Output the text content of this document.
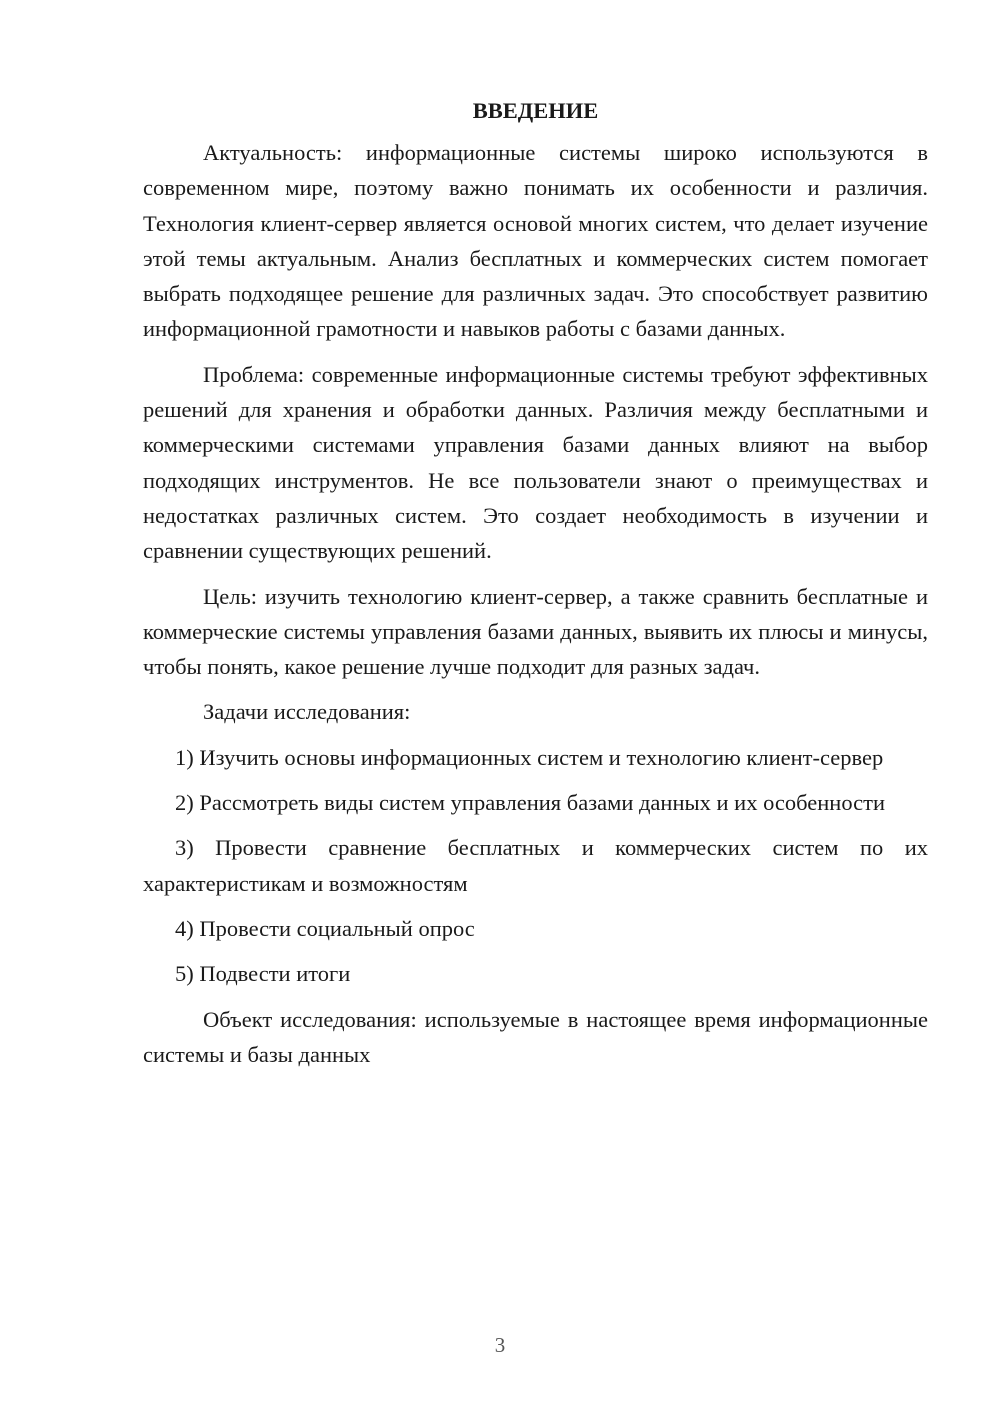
ВВЕДЕНИЕ

Актуальность: информационные системы широко используются в современном мире, поэтому важно понимать их особенности и различия. Технология клиент-сервер является основой многих систем, что делает изучение этой темы актуальным. Анализ бесплатных и коммерческих систем помогает выбрать подходящее решение для различных задач. Это способствует развитию информационной грамотности и навыков работы с базами данных.

Проблема: современные информационные системы требуют эффективных решений для хранения и обработки данных. Различия между бесплатными и коммерческими системами управления базами данных влияют на выбор подходящих инструментов. Не все пользователи знают о преимуществах и недостатках различных систем. Это создает необходимость в изучении и сравнении существующих решений.

Цель: изучить технологию клиент-сервер, а также сравнить бесплатные и коммерческие системы управления базами данных, выявить их плюсы и минусы, чтобы понять, какое решение лучше подходит для разных задач.

Задачи исследования:

1) Изучить основы информационных систем и технологию клиент-сервер

2) Рассмотреть виды систем управления базами данных и их особенности

3) Провести сравнение бесплатных и коммерческих систем по их характеристикам и возможностям

4) Провести социальный опрос

5) Подвести итоги

Объект исследования: используемые в настоящее время информационные системы и базы данных

3
